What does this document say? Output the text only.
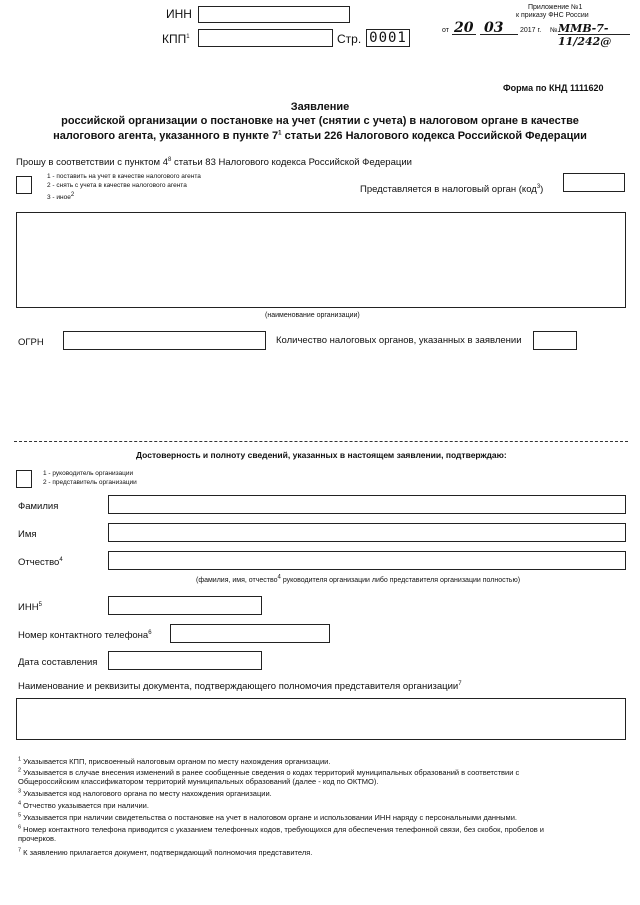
ИНН
КПП$^1$	Стр. 0001
Приложение №1
к приказу ФНС России
от 20 03 2017 г. № ММВ-7-11/242@
Форма по КНД 1111620
Заявление
российской организации о постановке на учет (снятии с учета) в налоговом органе в качестве
налогового агента, указанного в пункте $7^1$ статьи 226 Налогового кодекса Российской Федерации
Прошу в соответствии с пунктом $4^8$ статьи 83 Налогового кодекса Российской Федерации
1 - поставить на учет в качестве налогового агента
2 - снять с учета в качестве налогового агента
3 - иное$^2$	Представляется в налоговый орган (код$^3$)
(наименование организации)
ОГРН	Количество налоговых органов, указанных в заявлении
Достоверность и полноту сведений, указанных в настоящем заявлении, подтверждаю:
1 - руководитель организации
2 - представитель организации
Фамилия
Имя
Отчество$^4$
(фамилия, имя, отчество$^4$ руководителя организации либо представителя организации полностью)
ИНН$^5$
Номер контактного телефона$^6$
Дата составления
Наименование и реквизиты документа, подтверждающего полномочия представителя организации$^7$
$^1$ Указывается КПП, присвоенный налоговым органом по месту нахождения организации.
$^2$ Указывается в случае внесения изменений в ранее сообщенные сведения о кодах территорий муниципальных образований в соответствии с
Общероссийским классификатором территорий муниципальных образований (далее - код по ОКТМО).
$^3$ Указывается код налогового органа по месту нахождения организации.
$^4$ Отчество указывается при наличии.
$^5$ Указывается при наличии свидетельства о постановке на учет в налоговом органе и использовании ИНН наряду с персональными данными.
$^6$ Номер контактного телефона приводится с указанием телефонных кодов, требующихся для обеспечения телефонной связи, без скобок, пробелов и
прочерков.
$^7$ К заявлению прилагается документ, подтверждающий полномочия представителя.
